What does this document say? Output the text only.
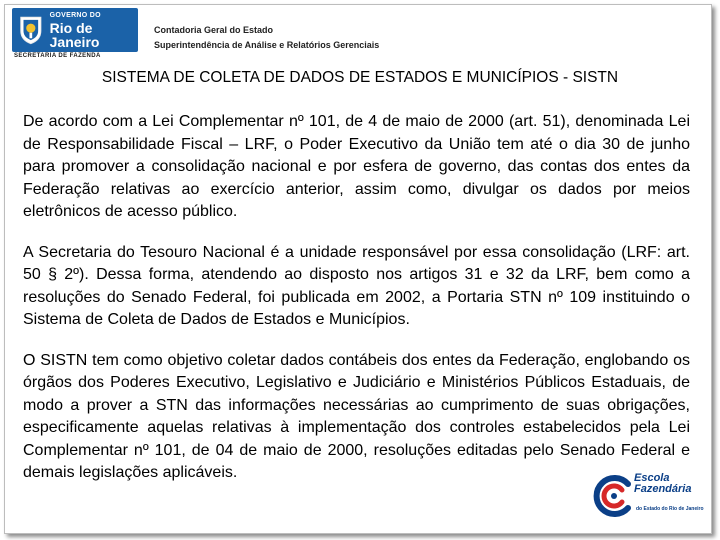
GOVERNO DO
Rio de Janeiro
SECRETARIA DE FAZENDA
Contadoria Geral do Estado
Superintendência de Análise e Relatórios Gerenciais
SISTEMA DE COLETA DE DADOS DE ESTADOS E MUNICÍPIOS - SISTN

De acordo com a Lei Complementar nº 101, de 4 de maio de 2000 (art. 51), denominada Lei de Responsabilidade Fiscal – LRF, o Poder Executivo da União tem até o dia 30 de junho para promover a consolidação nacional e por esfera de governo, das contas dos entes da Federação relativas ao exercício anterior, assim como, divulgar os dados por meios eletrônicos de acesso público.

A Secretaria do Tesouro Nacional é a unidade responsável por essa consolidação (LRF: art. 50 § 2º). Dessa forma, atendendo ao disposto nos artigos 31 e 32 da LRF, bem como a resoluções do Senado Federal, foi publicada em 2002, a Portaria STN nº 109 instituindo o Sistema de Coleta de Dados de Estados e Municípios.

O SISTN tem como objetivo coletar dados contábeis dos entes da Federação, englobando os órgãos dos Poderes Executivo, Legislativo e Judiciário e Ministérios Públicos Estaduais, de modo a prover a STN das informações necessárias ao cumprimento de suas obrigações, especificamente aquelas relativas à implementação dos controles estabelecidos pela Lei Complementar nº 101, de 04 de maio de 2000, resoluções editadas pelo Senado Federal e demais legislações aplicáveis.	Escola
Fazendária
do Estado do Rio de Janeiro
